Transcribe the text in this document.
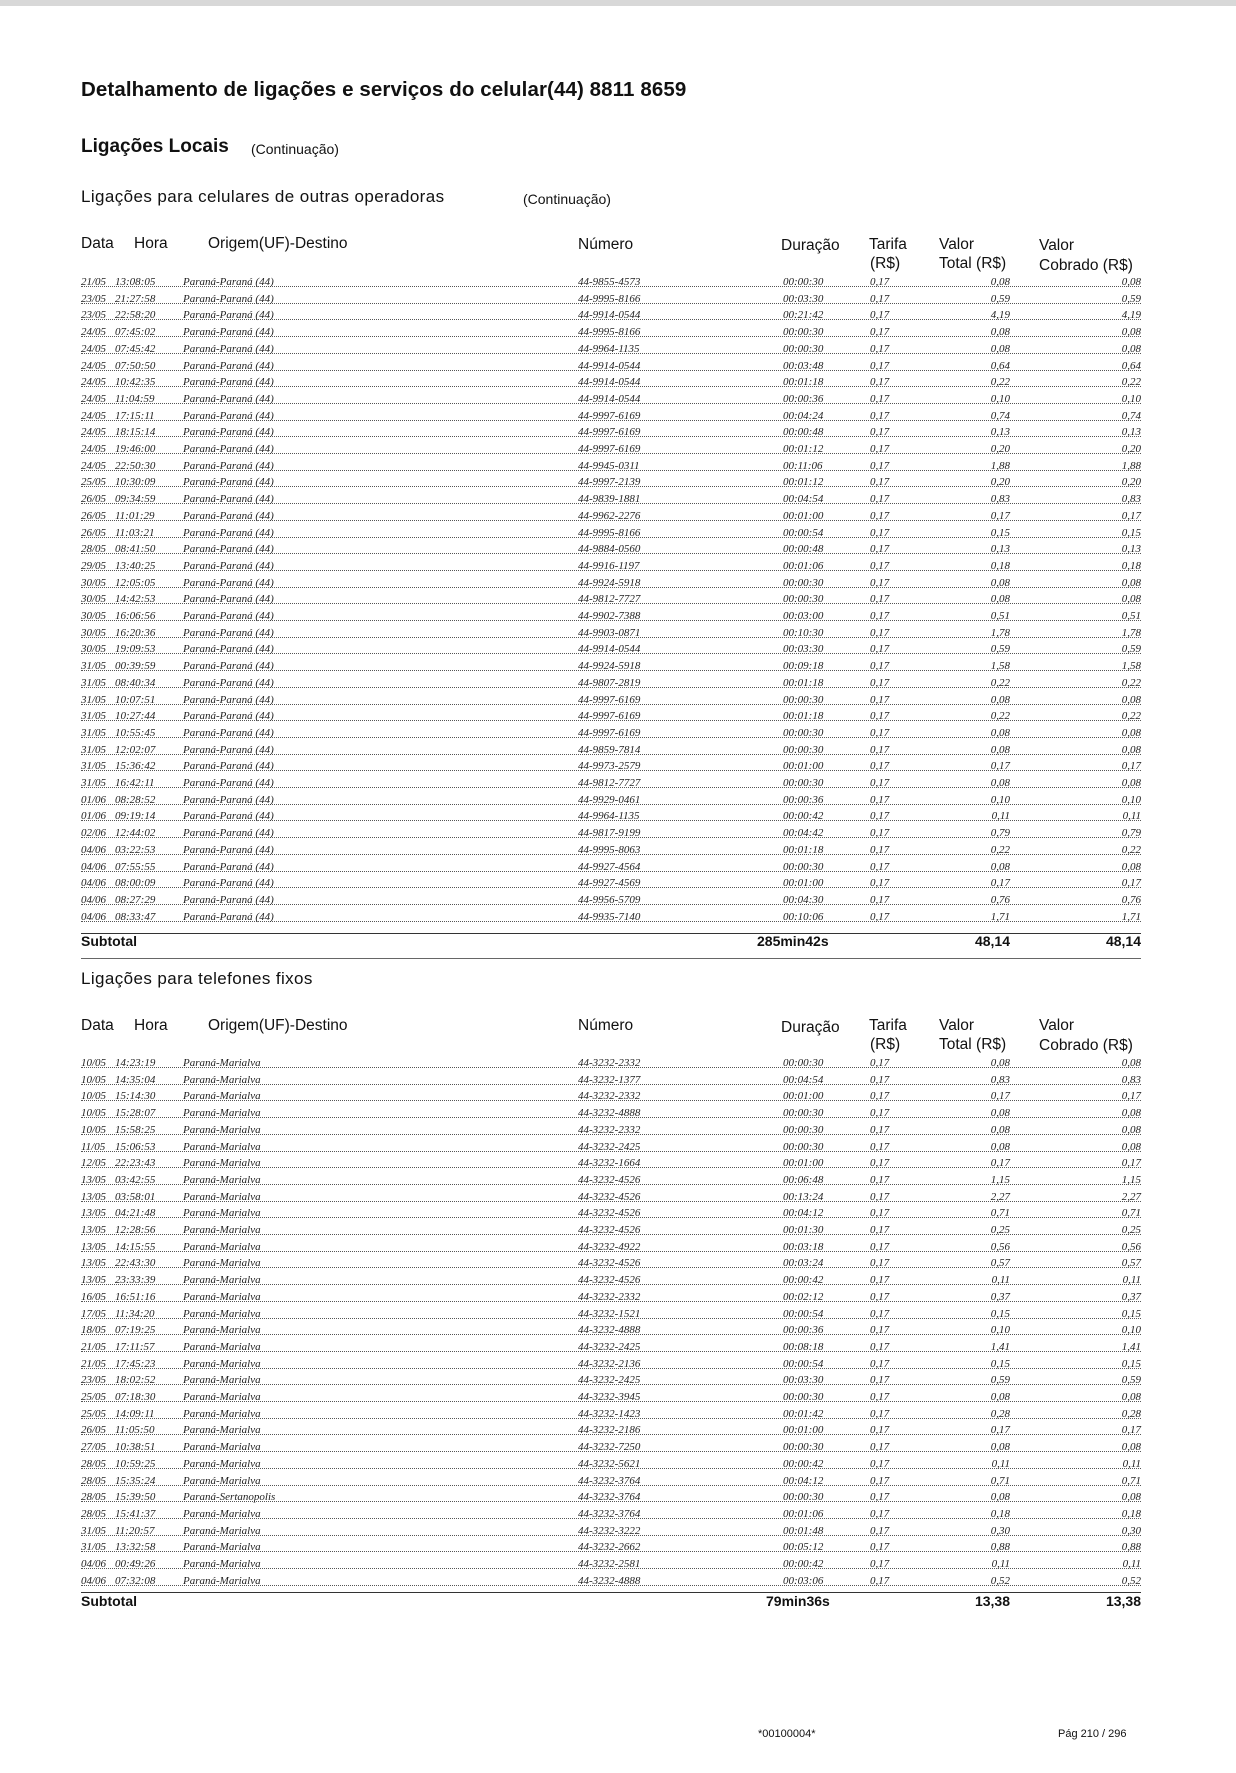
Detalhamento de ligações e serviços do celular(44) 8811 8659
Ligações Locais (Continuação)
Ligações para celulares de outras operadoras	(Continuação)
Data Hora	Origem(UF)-Destino	Número	Duração Tarifa
(R$)
Valor
Total (R$)
Valor
Cobrado (R$)
21/05 13:08:05	Paraná-Paraná (44)	44-9855-4573	00:00:30	0,17	0,08	0,08
23/05 21:27:58	Paraná-Paraná (44)	44-9995-8166	00:03:30	0,17	0,59	0,59
23/05 22:58:20	Paraná-Paraná (44)	44-9914-0544	00:21:42	0,17	4,19	4,19
24/05 07:45:02	Paraná-Paraná (44)	44-9995-8166	00:00:30	0,17	0,08	0,08
24/05 07:45:42	Paraná-Paraná (44)	44-9964-1135	00:00:30	0,17	0,08	0,08
24/05 07:50:50	Paraná-Paraná (44)	44-9914-0544	00:03:48	0,17	0,64	0,64
24/05 10:42:35	Paraná-Paraná (44)	44-9914-0544	00:01:18	0,17	0,22	0,22
24/05 11:04:59	Paraná-Paraná (44)	44-9914-0544	00:00:36	0,17	0,10	0,10
24/05 17:15:11	Paraná-Paraná (44)	44-9997-6169	00:04:24	0,17	0,74	0,74
24/05 18:15:14	Paraná-Paraná (44)	44-9997-6169	00:00:48	0,17	0,13	0,13
24/05 19:46:00	Paraná-Paraná (44)	44-9997-6169	00:01:12	0,17	0,20	0,20
24/05 22:50:30	Paraná-Paraná (44)	44-9945-0311	00:11:06	0,17	1,88	1,88
25/05 10:30:09	Paraná-Paraná (44)	44-9997-2139	00:01:12	0,17	0,20	0,20
26/05 09:34:59	Paraná-Paraná (44)	44-9839-1881	00:04:54	0,17	0,83	0,83
26/05 11:01:29	Paraná-Paraná (44)	44-9962-2276	00:01:00	0,17	0,17	0,17
26/05 11:03:21	Paraná-Paraná (44)	44-9995-8166	00:00:54	0,17	0,15	0,15
28/05 08:41:50	Paraná-Paraná (44)	44-9884-0560	00:00:48	0,17	0,13	0,13
29/05 13:40:25	Paraná-Paraná (44)	44-9916-1197	00:01:06	0,17	0,18	0,18
30/05 12:05:05	Paraná-Paraná (44)	44-9924-5918	00:00:30	0,17	0,08	0,08
30/05 14:42:53	Paraná-Paraná (44)	44-9812-7727	00:00:30	0,17	0,08	0,08
30/05 16:06:56	Paraná-Paraná (44)	44-9902-7388	00:03:00	0,17	0,51	0,51
30/05 16:20:36	Paraná-Paraná (44)	44-9903-0871	00:10:30	0,17	1,78	1,78
30/05 19:09:53	Paraná-Paraná (44)	44-9914-0544	00:03:30	0,17	0,59	0,59
31/05 00:39:59	Paraná-Paraná (44)	44-9924-5918	00:09:18	0,17	1,58	1,58
31/05 08:40:34	Paraná-Paraná (44)	44-9807-2819	00:01:18	0,17	0,22	0,22
31/05 10:07:51	Paraná-Paraná (44)	44-9997-6169	00:00:30	0,17	0,08	0,08
31/05 10:27:44	Paraná-Paraná (44)	44-9997-6169	00:01:18	0,17	0,22	0,22
31/05 10:55:45	Paraná-Paraná (44)	44-9997-6169	00:00:30	0,17	0,08	0,08
31/05 12:02:07	Paraná-Paraná (44)	44-9859-7814	00:00:30	0,17	0,08	0,08
31/05 15:36:42	Paraná-Paraná (44)	44-9973-2579	00:01:00	0,17	0,17	0,17
31/05 16:42:11	Paraná-Paraná (44)	44-9812-7727	00:00:30	0,17	0,08	0,08
01/06 08:28:52	Paraná-Paraná (44)	44-9929-0461	00:00:36	0,17	0,10	0,10
01/06 09:19:14	Paraná-Paraná (44)	44-9964-1135	00:00:42	0,17	0,11	0,11
02/06 12:44:02	Paraná-Paraná (44)	44-9817-9199	00:04:42	0,17	0,79	0,79
04/06 03:22:53	Paraná-Paraná (44)	44-9995-8063	00:01:18	0,17	0,22	0,22
04/06 07:55:55	Paraná-Paraná (44)	44-9927-4564	00:00:30	0,17	0,08	0,08
04/06 08:00:09	Paraná-Paraná (44)	44-9927-4569	00:01:00	0,17	0,17	0,17
04/06 08:27:29	Paraná-Paraná (44)	44-9956-5709	00:04:30	0,17	0,76	0,76
04/06 08:33:47	Paraná-Paraná (44)	44-9935-7140	00:10:06	0,17	1,71	1,71
Subtotal	285min42s	48,14	48,14
Ligações para telefones fixos
Data Hora	Origem(UF)-Destino	Número	Duração Tarifa
(R$)
Valor
Total (R$)
Valor
Cobrado (R$)
10/05 14:23:19	Paraná-Marialva	44-3232-2332	00:00:30	0,17	0,08	0,08
10/05 14:35:04	Paraná-Marialva	44-3232-1377	00:04:54	0,17	0,83	0,83
10/05 15:14:30	Paraná-Marialva	44-3232-2332	00:01:00	0,17	0,17	0,17
10/05 15:28:07	Paraná-Marialva	44-3232-4888	00:00:30	0,17	0,08	0,08
10/05 15:58:25	Paraná-Marialva	44-3232-2332	00:00:30	0,17	0,08	0,08
11/05 15:06:53	Paraná-Marialva	44-3232-2425	00:00:30	0,17	0,08	0,08
12/05 22:23:43	Paraná-Marialva	44-3232-1664	00:01:00	0,17	0,17	0,17
13/05 03:42:55	Paraná-Marialva	44-3232-4526	00:06:48	0,17	1,15	1,15
13/05 03:58:01	Paraná-Marialva	44-3232-4526	00:13:24	0,17	2,27	2,27
13/05 04:21:48	Paraná-Marialva	44-3232-4526	00:04:12	0,17	0,71	0,71
13/05 12:28:56	Paraná-Marialva	44-3232-4526	00:01:30	0,17	0,25	0,25
13/05 14:15:55	Paraná-Marialva	44-3232-4922	00:03:18	0,17	0,56	0,56
13/05 22:43:30	Paraná-Marialva	44-3232-4526	00:03:24	0,17	0,57	0,57
13/05 23:33:39	Paraná-Marialva	44-3232-4526	00:00:42	0,17	0,11	0,11
16/05 16:51:16	Paraná-Marialva	44-3232-2332	00:02:12	0,17	0,37	0,37
17/05 11:34:20	Paraná-Marialva	44-3232-1521	00:00:54	0,17	0,15	0,15
18/05 07:19:25	Paraná-Marialva	44-3232-4888	00:00:36	0,17	0,10	0,10
21/05 17:11:57	Paraná-Marialva	44-3232-2425	00:08:18	0,17	1,41	1,41
21/05 17:45:23	Paraná-Marialva	44-3232-2136	00:00:54	0,17	0,15	0,15
23/05 18:02:52	Paraná-Marialva	44-3232-2425	00:03:30	0,17	0,59	0,59
25/05 07:18:30	Paraná-Marialva	44-3232-3945	00:00:30	0,17	0,08	0,08
25/05 14:09:11	Paraná-Marialva	44-3232-1423	00:01:42	0,17	0,28	0,28
26/05 11:05:50	Paraná-Marialva	44-3232-2186	00:01:00	0,17	0,17	0,17
27/05 10:38:51	Paraná-Marialva	44-3232-7250	00:00:30	0,17	0,08	0,08
28/05 10:59:25	Paraná-Marialva	44-3232-5621	00:00:42	0,17	0,11	0,11
28/05 15:35:24	Paraná-Marialva	44-3232-3764	00:04:12	0,17	0,71	0,71
28/05 15:39:50	Paraná-Sertanopolis	44-3232-3764	00:00:30	0,17	0,08	0,08
28/05 15:41:37	Paraná-Marialva	44-3232-3764	00:01:06	0,17	0,18	0,18
31/05 11:20:57	Paraná-Marialva	44-3232-3222	00:01:48	0,17	0,30	0,30
31/05 13:32:58	Paraná-Marialva	44-3232-2662	00:05:12	0,17	0,88	0,88
04/06 00:49:26	Paraná-Marialva	44-3232-2581	00:00:42	0,17	0,11	0,11
04/06 07:32:08	Paraná-Marialva	44-3232-4888	00:03:06	0,17	0,52	0,52
Subtotal	79min36s	13,38	13,38
*00100004*	Pág 210 / 296
